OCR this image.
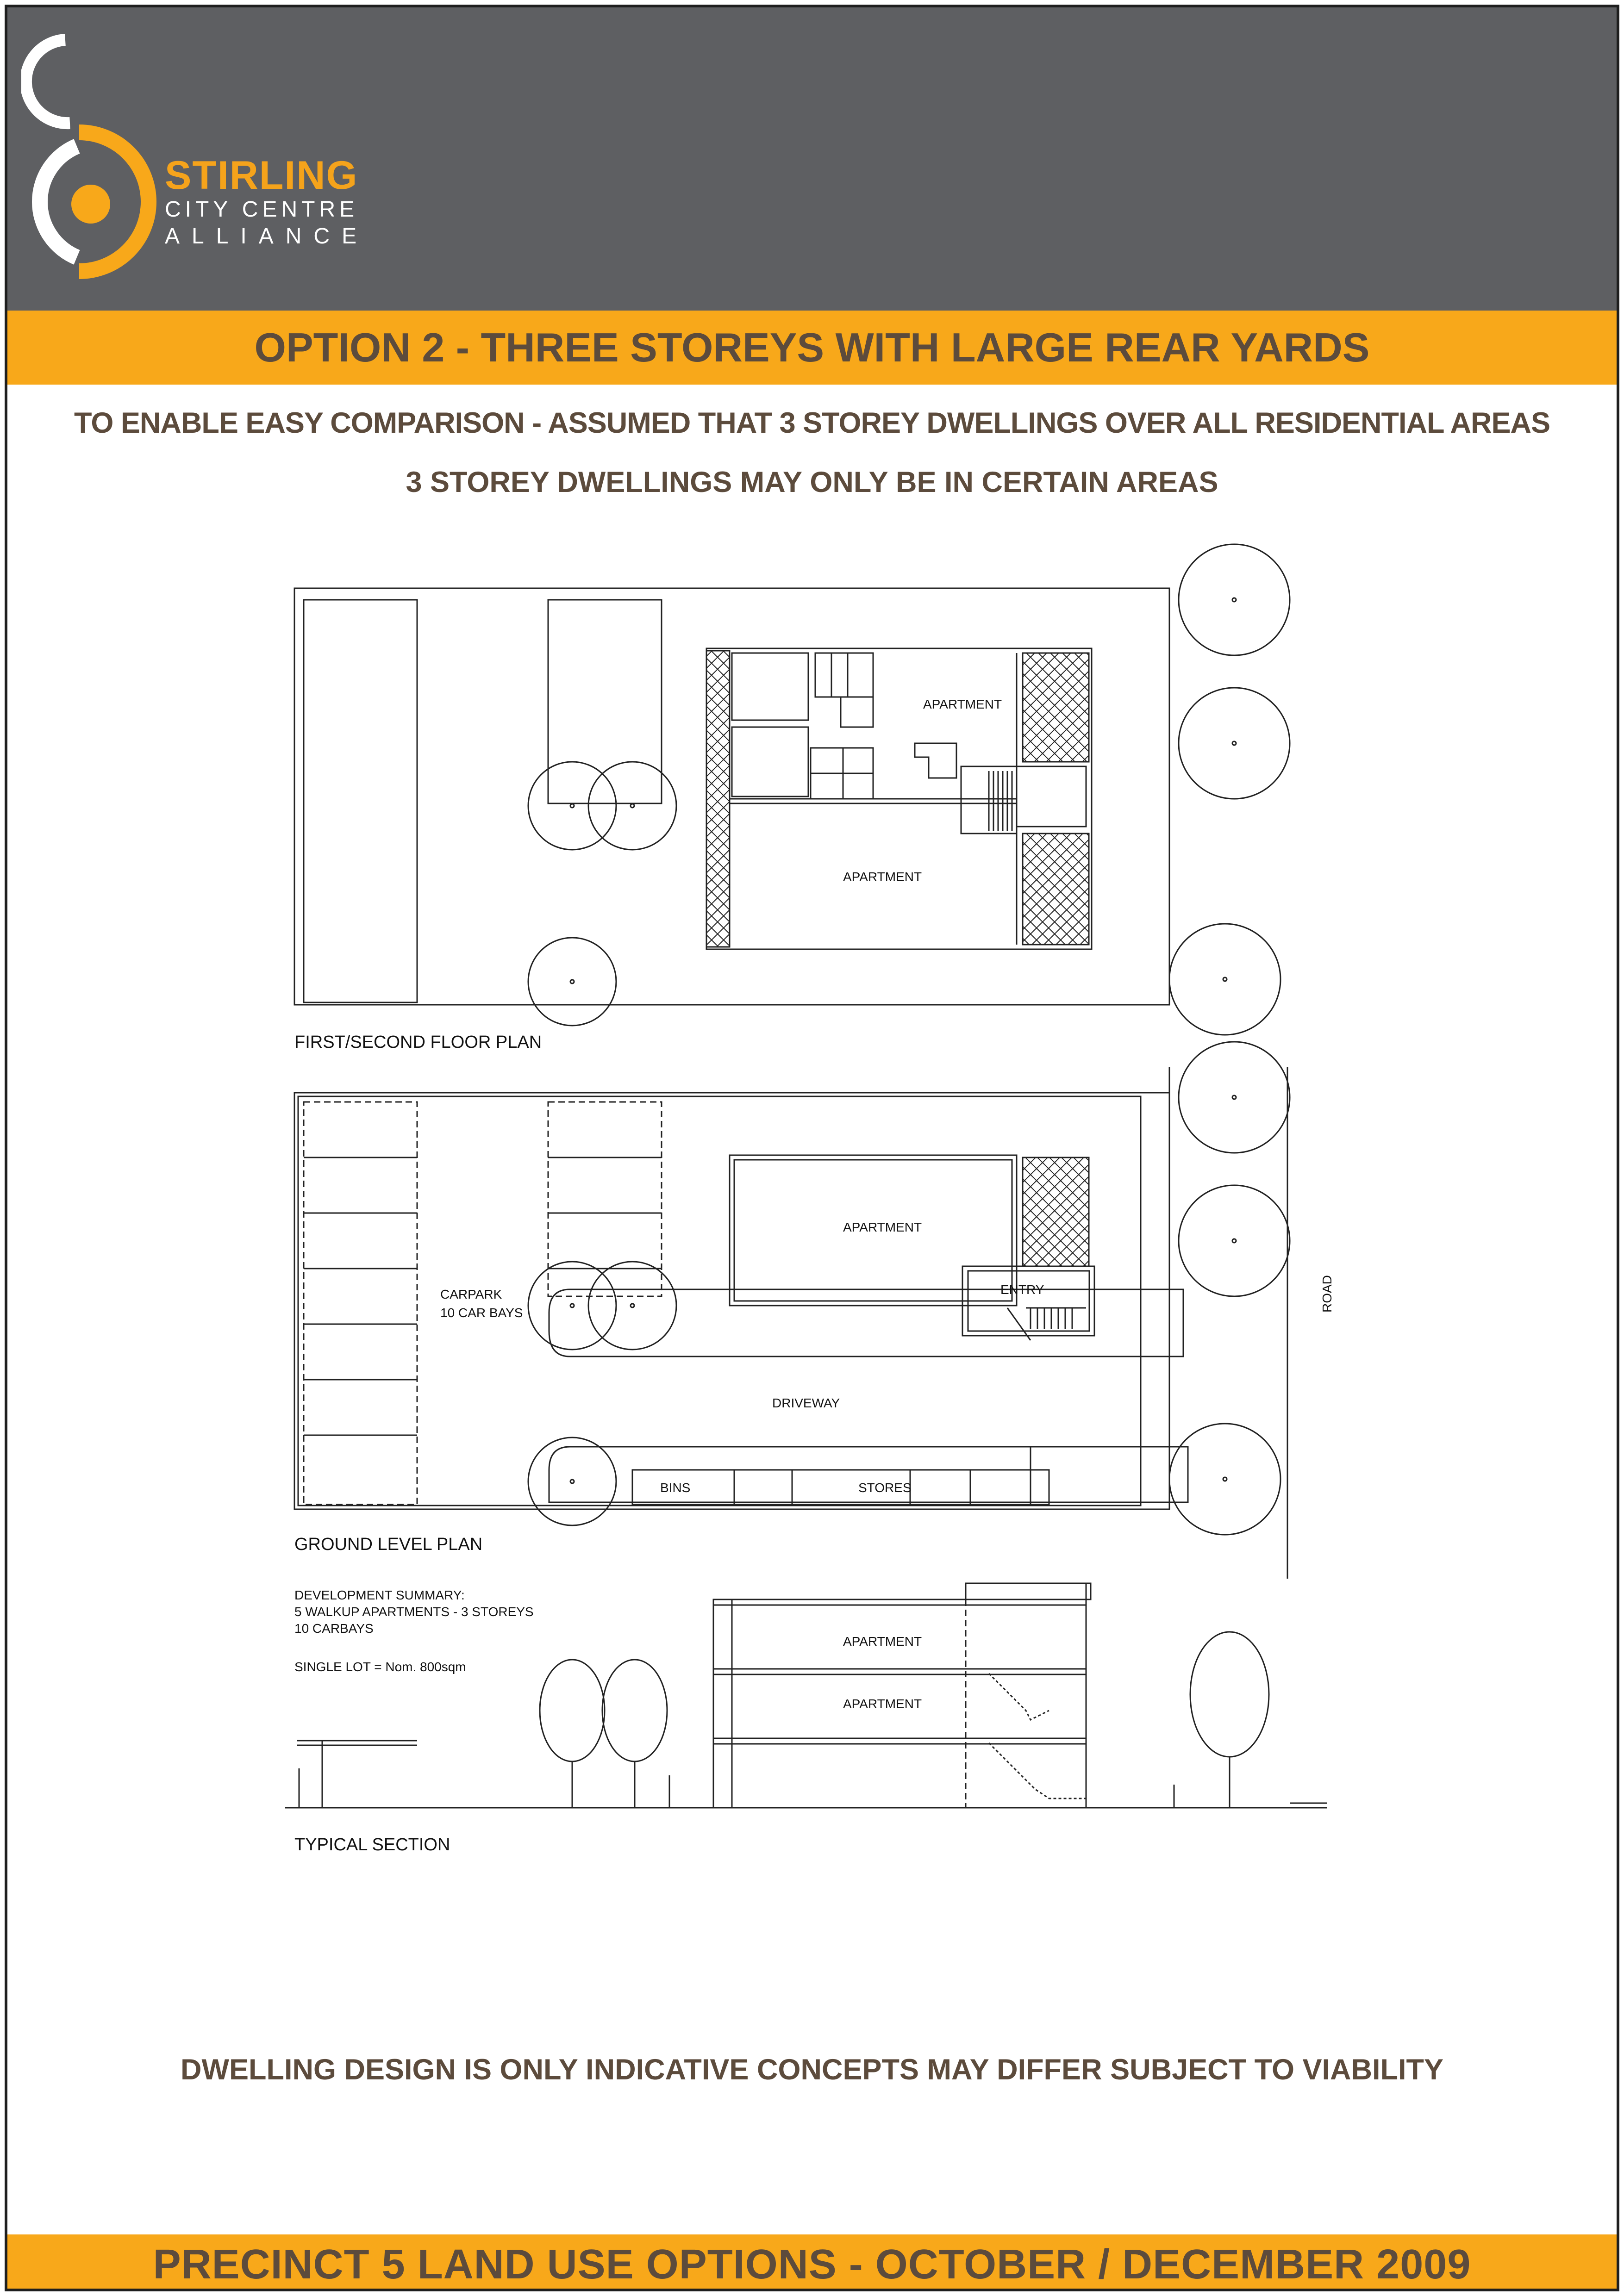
STIRLING
CITY CENTRE
ALLIANCE
OPTION 2 - THREE STOREYS WITH LARGE REAR YARDS
TO ENABLE EASY COMPARISON - ASSUMED THAT 3 STOREY DWELLINGS OVER ALL RESIDENTIAL AREAS
3 STOREY DWELLINGS MAY ONLY BE IN CERTAIN AREAS
APARTMENT
APARTMENT
APARTMENT
ENTRY
CARPARK
10 CAR BAYS
DRIVEWAY
BINS	STORES
ROAD
APARTMENT
APARTMENT
DEVELOPMENT SUMMARY:
5 WALKUP APARTMENTS - 3 STOREYS
10 CARBAYS
SINGLE LOT = Nom. 800sqm
FIRST/SECOND FLOOR PLAN
GROUND LEVEL PLAN
TYPICAL SECTION
DWELLING DESIGN IS ONLY INDICATIVE CONCEPTS MAY DIFFER SUBJECT TO VIABILITY
PRECINCT 5 LAND USE OPTIONS - OCTOBER / DECEMBER 2009
